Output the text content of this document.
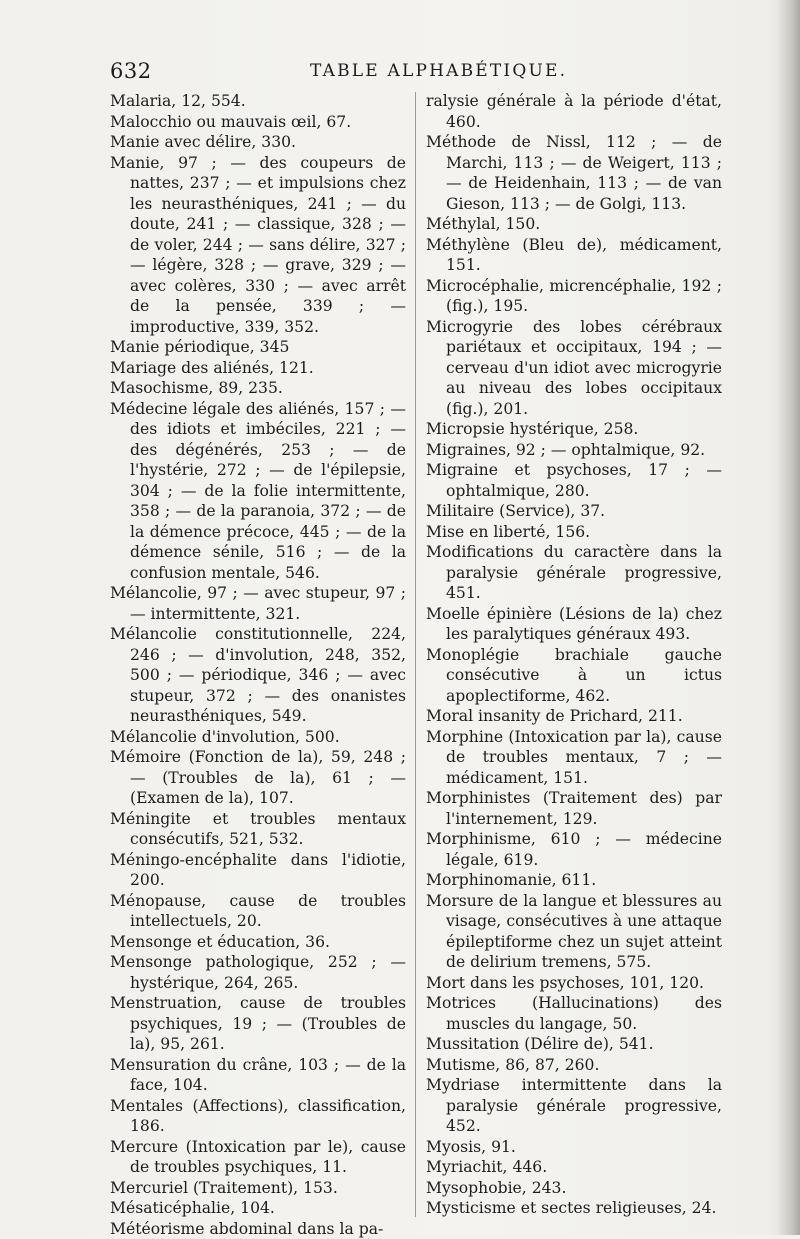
632	TABLE ALPHABÉTIQUE.

Malaria, 12, 554.

Malocchio ou mauvais œil, 67.

Manie avec délire, 330.

Manie, 97 ; — des coupeurs de nattes, 237 ; — et impulsions chez les neurasthéniques, 241 ; — du doute, 241 ; — classique, 328 ; — de voler, 244 ; — sans délire, 327 ; — légère, 328 ; — grave, 329 ; — avec colères, 330 ; — avec arrêt de la pensée, 339 ; — improductive, 339, 352.

Manie périodique, 345

Mariage des aliénés, 121.

Masochisme, 89, 235.

Médecine légale des aliénés, 157 ; — des idiots et imbéciles, 221 ; — des dégénérés, 253 ; — de l'hystérie, 272 ; — de l'épilepsie, 304 ; — de la folie intermittente, 358 ; — de la paranoia, 372 ; — de la démence précoce, 445 ; — de la démence sénile, 516 ; — de la confusion mentale, 546.

Mélancolie, 97 ; — avec stupeur, 97 ; — intermittente, 321.

Mélancolie constitutionnelle, 224, 246 ; — d'involution, 248, 352, 500 ; — périodique, 346 ; — avec stupeur, 372 ; — des onanistes neurasthéniques, 549.

Mélancolie d'involution, 500.

Mémoire (Fonction de la), 59, 248 ; — (Troubles de la), 61 ; — (Examen de la), 107.

Méningite et troubles mentaux consécutifs, 521, 532.

Méningo-encéphalite dans l'idiotie, 200.

Ménopause, cause de troubles intellectuels, 20.

Mensonge et éducation, 36.

Mensonge pathologique, 252 ; — hystérique, 264, 265.

Menstruation, cause de troubles psychiques, 19 ; — (Troubles de la), 95, 261.

Mensuration du crâne, 103 ; — de la face, 104.

Mentales (Affections), classification, 186.

Mercure (Intoxication par le), cause de troubles psychiques, 11.

Mercuriel (Traitement), 153.

Mésaticéphalie, 104.

Météorisme abdominal dans la pa-

ralysie générale à la période d'état, 460.

Méthode de Nissl, 112 ; — de Marchi, 113 ; — de Weigert, 113 ; — de Heidenhain, 113 ; — de van Gieson, 113 ; — de Golgi, 113.

Méthylal, 150.

Méthylène (Bleu de), médicament, 151.

Microcéphalie, micrencéphalie, 192 ; (fig.), 195.

Microgyrie des lobes cérébraux pariétaux et occipitaux, 194 ; — cerveau d'un idiot avec microgyrie au niveau des lobes occipitaux (fig.), 201.

Micropsie hystérique, 258.

Migraines, 92 ; — ophtalmique, 92.

Migraine et psychoses, 17 ; — ophtalmique, 280.

Militaire (Service), 37.

Mise en liberté, 156.

Modifications du caractère dans la paralysie générale progressive, 451.

Moelle épinière (Lésions de la) chez les paralytiques généraux 493.

Monoplégie brachiale gauche consécutive à un ictus apoplectiforme, 462.

Moral insanity de Prichard, 211.

Morphine (Intoxication par la), cause de troubles mentaux, 7 ; — médicament, 151.

Morphinistes (Traitement des) par l'internement, 129.

Morphinisme, 610 ; — médecine légale, 619.

Morphinomanie, 611.

Morsure de la langue et blessures au visage, consécutives à une attaque épileptiforme chez un sujet atteint de delirium tremens, 575.

Mort dans les psychoses, 101, 120.

Motrices (Hallucinations) des muscles du langage, 50.

Mussitation (Délire de), 541.

Mutisme, 86, 87, 260.

Mydriase intermittente dans la paralysie générale progressive, 452.

Myosis, 91.

Myriachit, 446.

Mysophobie, 243.

Mysticisme et sectes religieuses, 24.
